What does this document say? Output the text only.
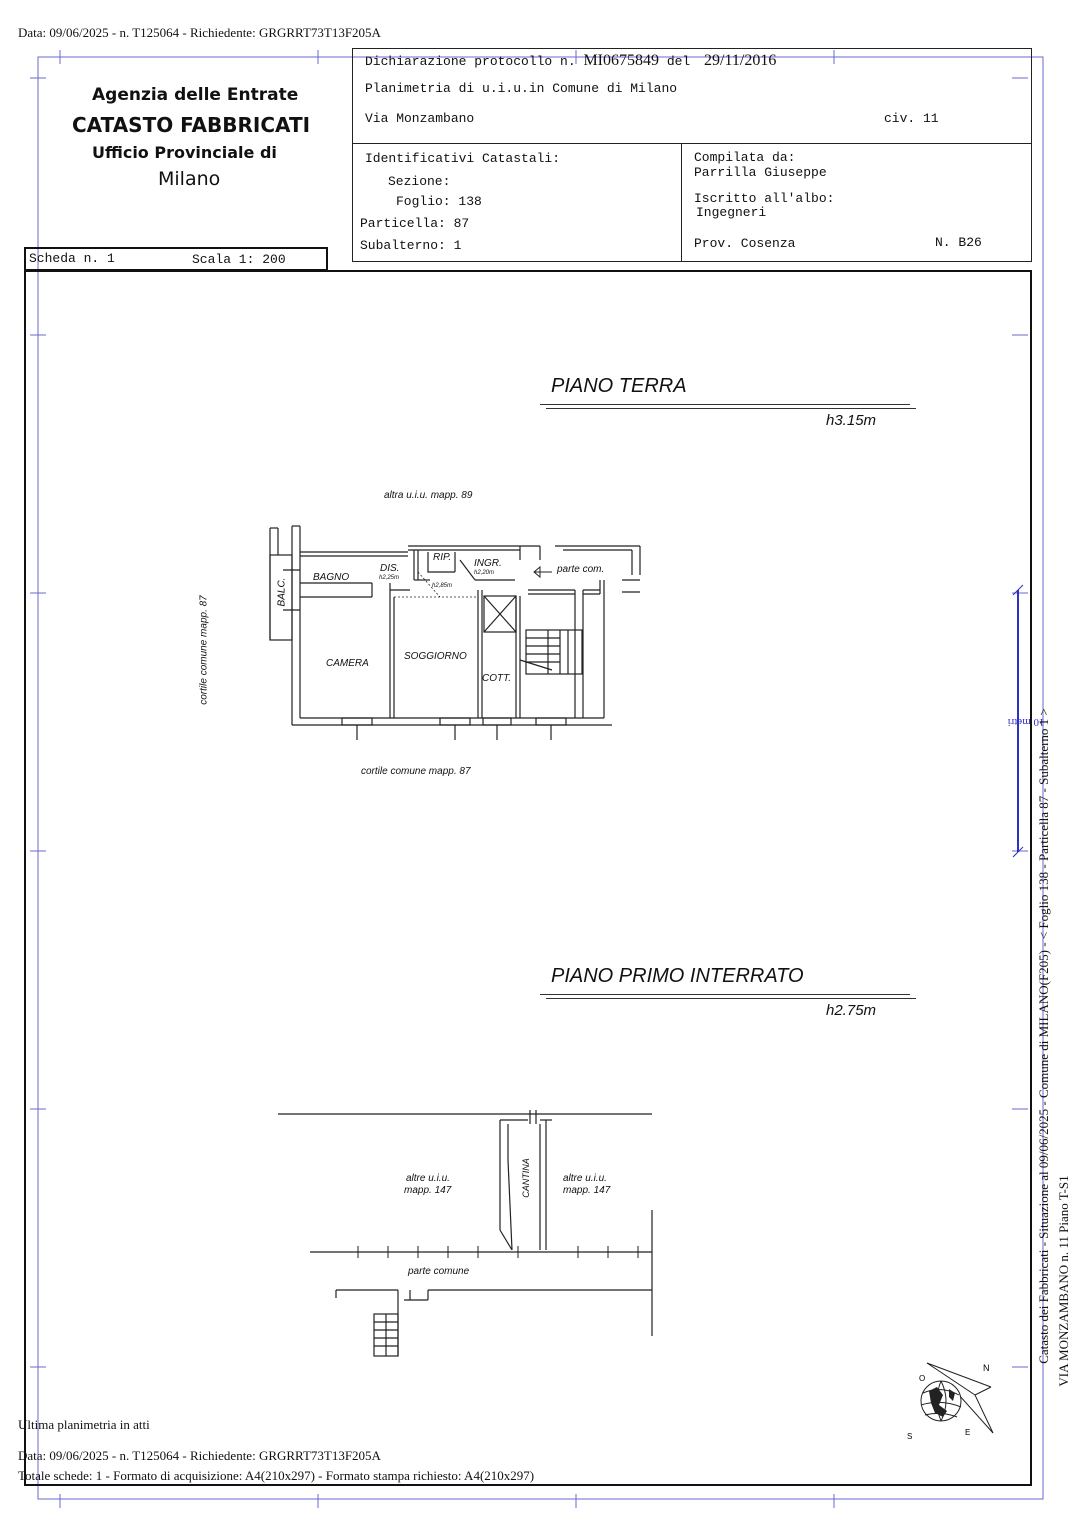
Data: 09/06/2025 - n. T125064 - Richiedente: GRGRRT73T13F205A
Agenzia delle Entrate
CATASTO FABBRICATI
Ufficio Provinciale di
Milano
Dichiarazione protocollo n. MI0675849 del 29/11/2016
Planimetria di u.i.u.in Comune di Milano
Via Monzambano	civ. 11
Identificativi Catastali:
Sezione:
Foglio: 138
Particella: 87
Subalterno: 1
Compilata da:
Parrilla Giuseppe
Iscritto all'albo:
Ingegneri
Prov. Cosenza	N. B26
Scheda n. 1	Scala 1: 200
PIANO TERRA
h3.15m
altra u.i.u. mapp. 89
cortile comune mapp. 87
cortile comune mapp. 87
BALC.
BAGNO
DIS.
h2,25m
RIP.
INGR.
h2,20m
h2,85m
parte com.
CAMERA
SOGGIORNO
COTT.
PIANO PRIMO INTERRATO
h2.75m
altre u.i.u.
mapp. 147
altre u.i.u.
mapp. 147
CANTINA
parte comune
10 metri
Catasto dei Fabbricati - Situazione al 09/06/2025 - Comune di MILANO(F205) - < Foglio 138 - Particella 87 - Subalterno 1 > VIA MONZAMBANO n. 11 Piano T-S1
N
O
S	E
Ultima planimetria in atti
Data: 09/06/2025 - n. T125064 - Richiedente: GRGRRT73T13F205A
Totale schede: 1 - Formato di acquisizione: A4(210x297) - Formato stampa richiesto: A4(210x297)
